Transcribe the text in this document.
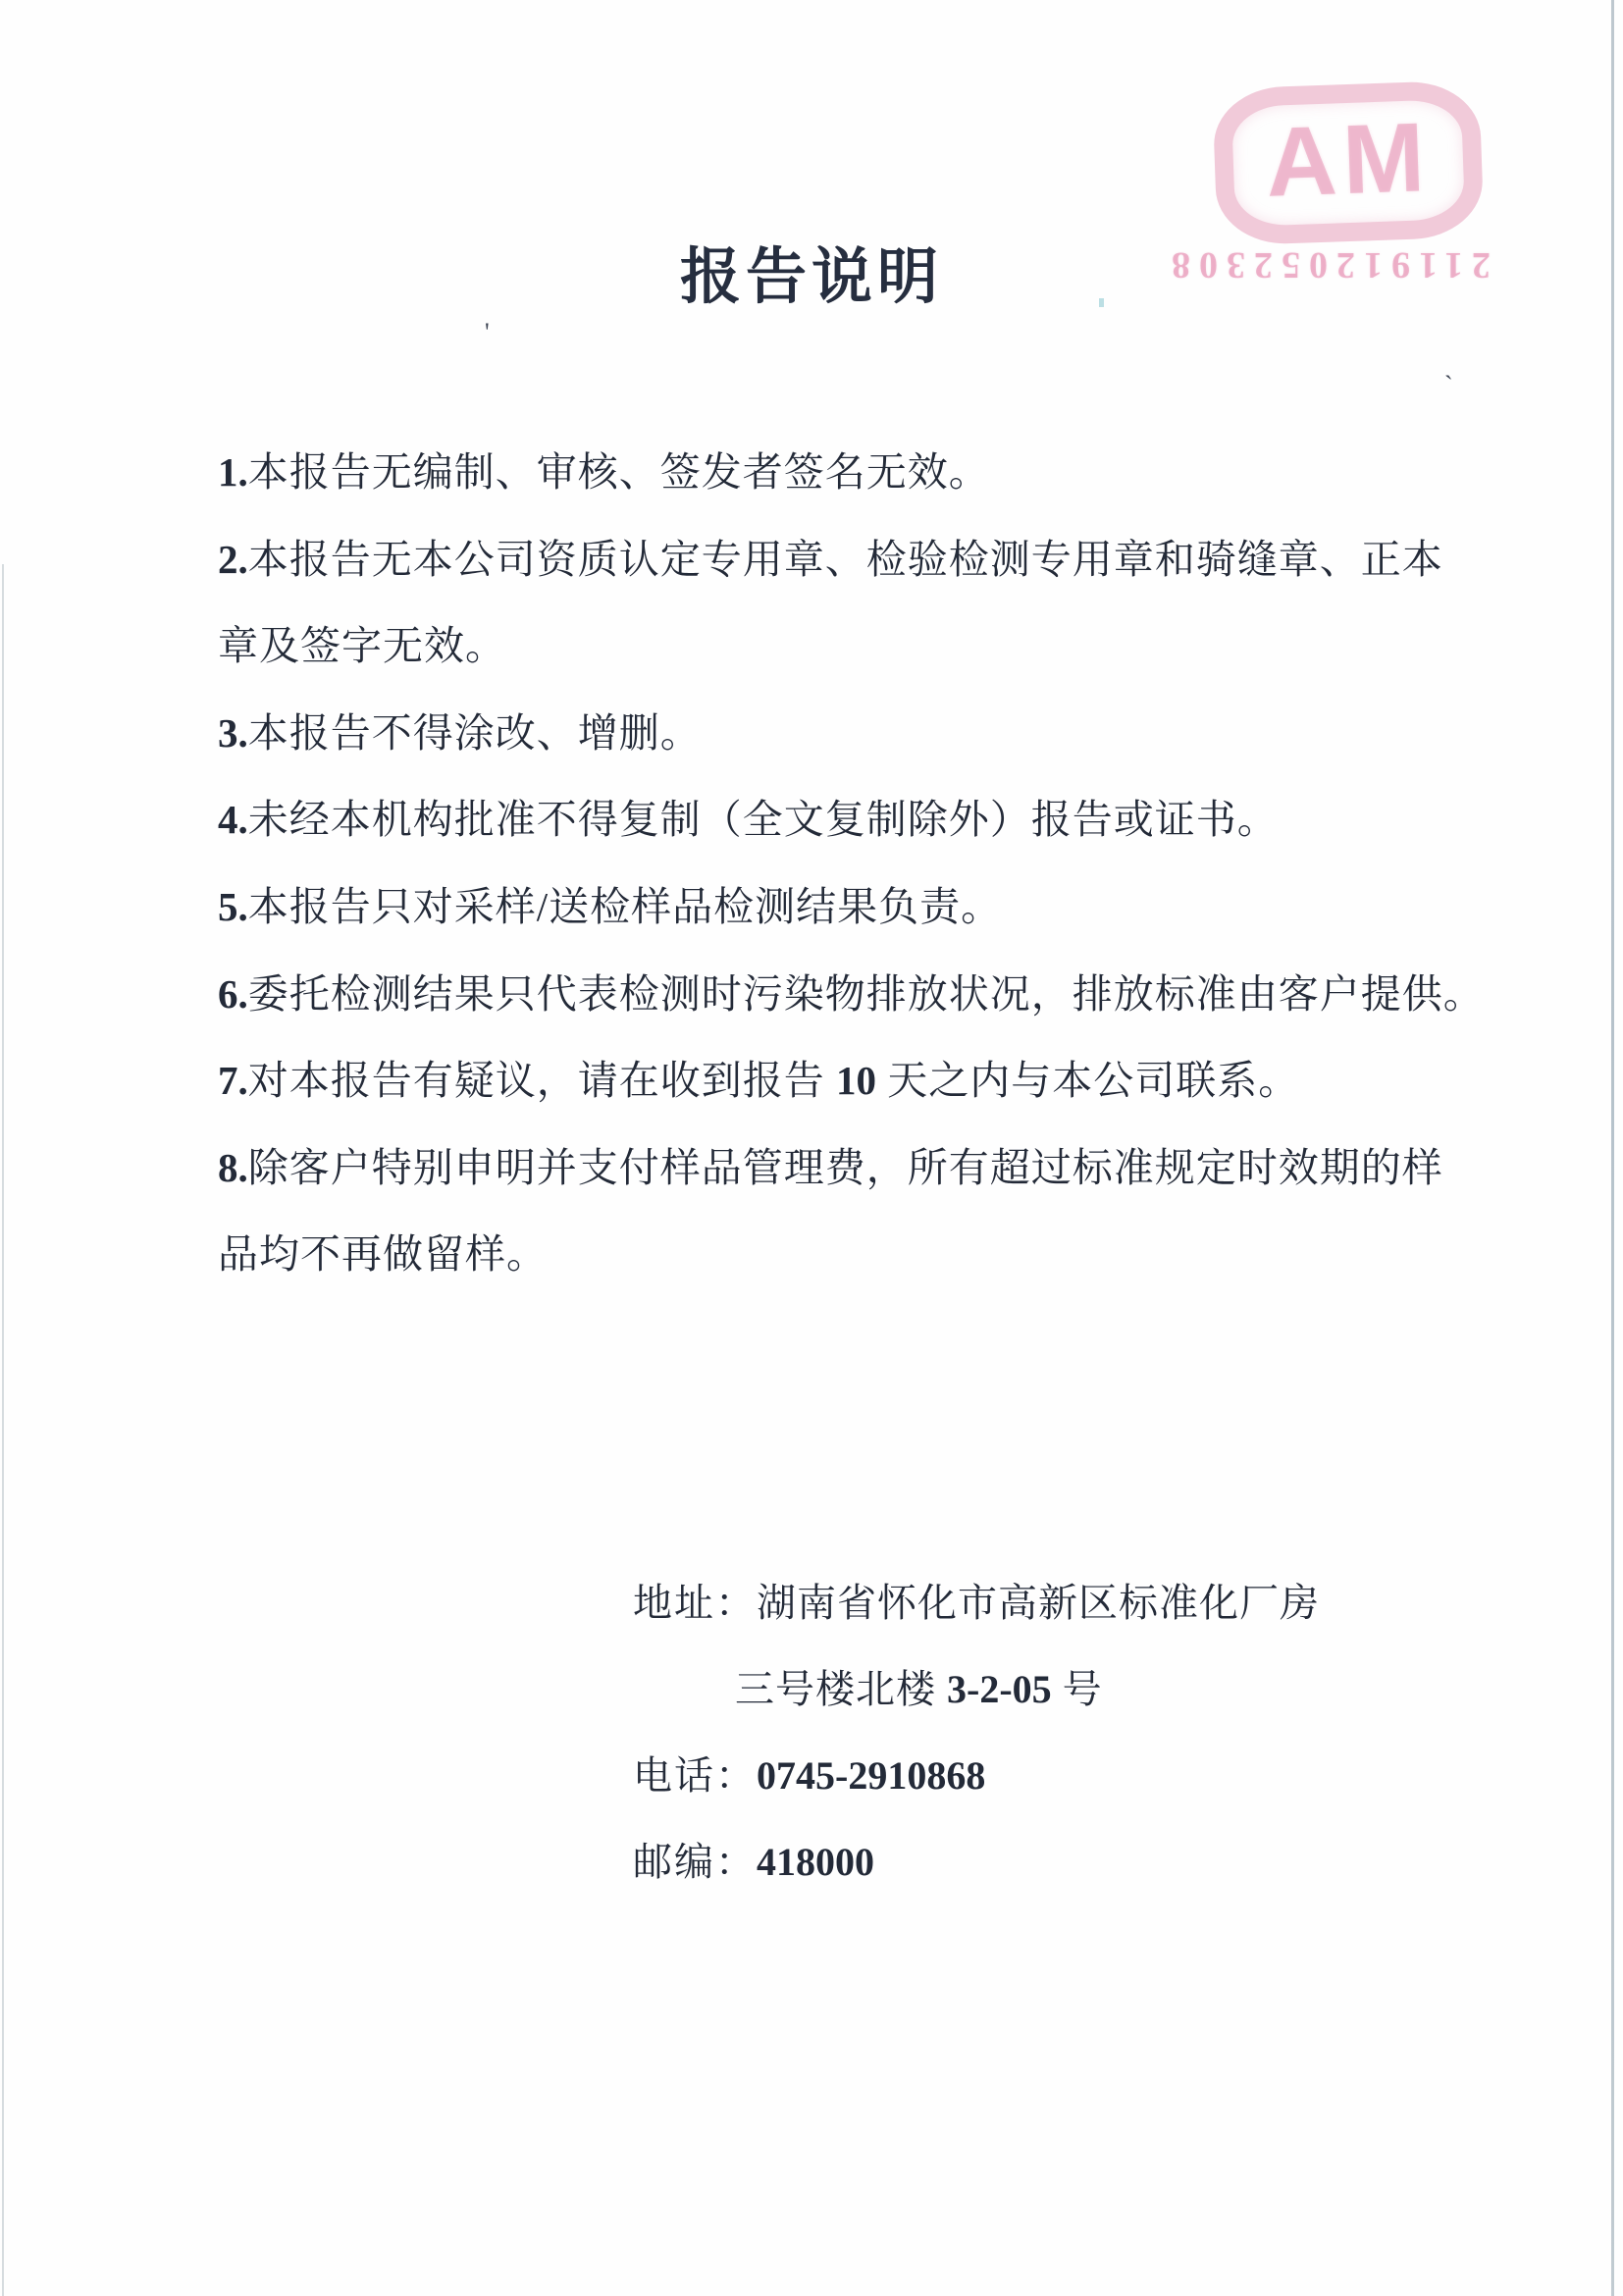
AM
211912052308
报告说明
'
`

1.本报告无编制、审核、签发者签名无效。

2.本报告无本公司资质认定专用章、检验检测专用章和骑缝章、正本

章及签字无效。

3.本报告不得涂改、增删。

4.未经本机构批准不得复制（全文复制除外）报告或证书。

5.本报告只对采样/送检样品检测结果负责。

6.委托检测结果只代表检测时污染物排放状况，排放标准由客户提供。

7.对本报告有疑议，请在收到报告 10 天之内与本公司联系。

8.除客户特别申明并支付样品管理费，所有超过标准规定时效期的样

品均不再做留样。

地址：湖南省怀化市高新区标准化厂房

三号楼北楼 3-2-05 号

电话：0745-2910868

邮编：418000
